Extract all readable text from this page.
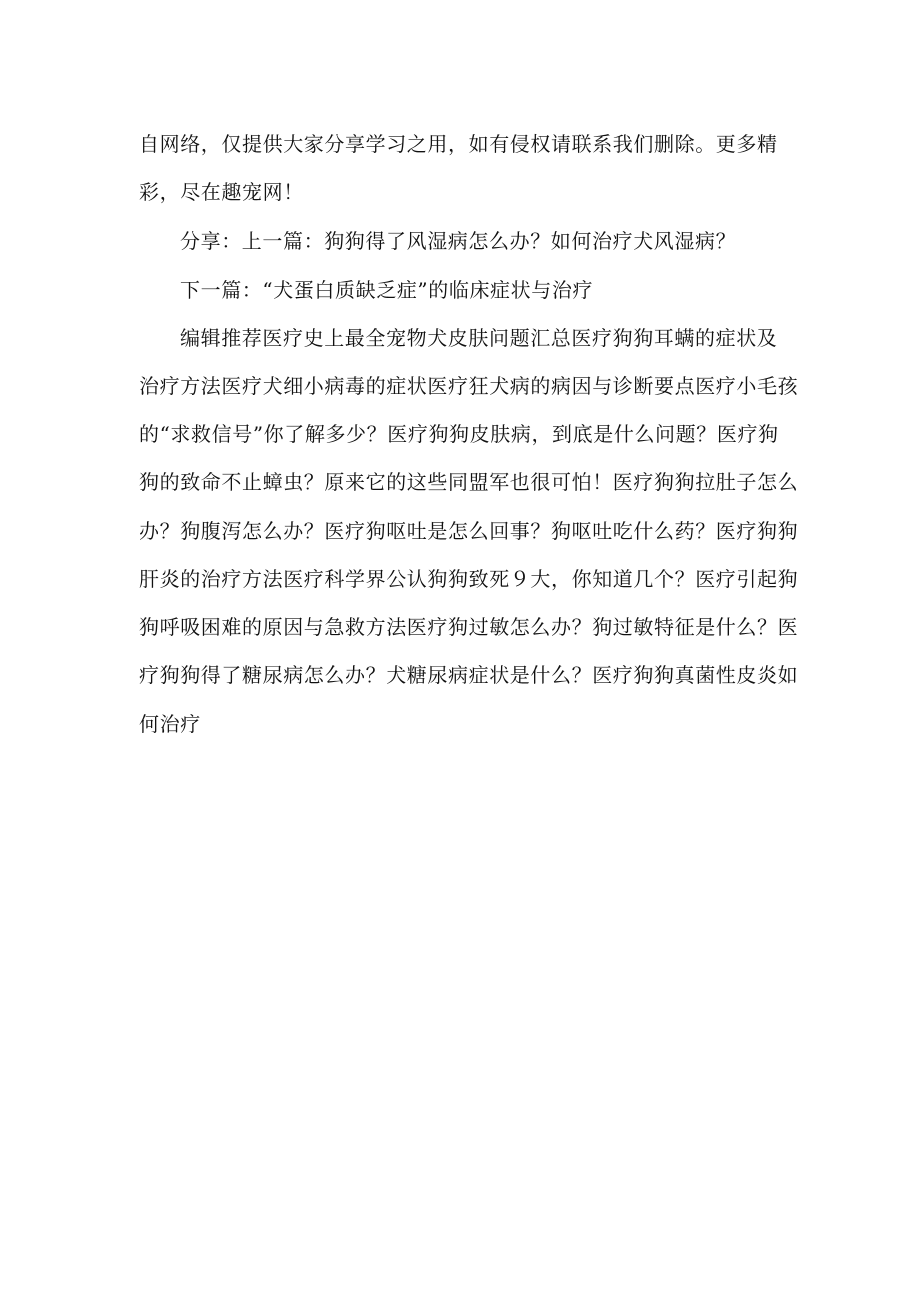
自网络，仅提供大家分享学习之用，如有侵权请联系我们删除。更多精
彩，尽在趣宠网！
分享：上一篇：狗狗得了风湿病怎么办？如何治疗犬风湿病？
下一篇：“犬蛋白质缺乏症”的临床症状与治疗
编辑推荐医疗史上最全宠物犬皮肤问题汇总医疗狗狗耳螨的症状及
治疗方法医疗犬细小病毒的症状医疗狂犬病的病因与诊断要点医疗小毛孩
的“求救信号”你了解多少？医疗狗狗皮肤病，到底是什么问题？医疗狗
狗的致命不止蟑虫？原来它的这些同盟军也很可怕！医疗狗狗拉肚子怎么
办？狗腹泻怎么办？医疗狗呕吐是怎么回事？狗呕吐吃什么药？医疗狗狗
肝炎的治疗方法医疗科学界公认狗狗致死９大，你知道几个？医疗引起狗
狗呼吸困难的原因与急救方法医疗狗过敏怎么办？狗过敏特征是什么？医
疗狗狗得了糖尿病怎么办？犬糖尿病症状是什么？医疗狗狗真菌性皮炎如
何治疗
